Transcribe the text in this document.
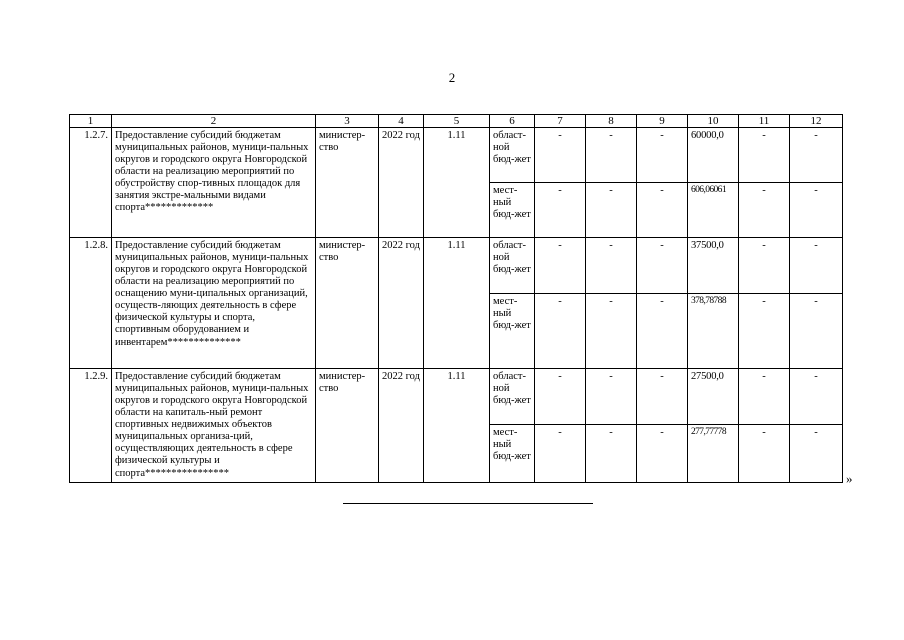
2
1	2	3	4	5	6	7	8	9	10	11	12
1.2.7.	Предоставление субсидий бюджетам муниципальных районов, муници-пальных округов и городского округа Новгородской области на реализацию мероприятий по обустройству спор-тивных площадок для занятия экстре-мальными видами спорта*************	министер-ство	2022 год	1.11	област-ной бюд-жет	-	-	-	60000,0	-	-
					мест-ный бюд-жет	-	-	-	606,06061	-	-
1.2.8.	Предоставление субсидий бюджетам муниципальных районов, муници-пальных округов и городского округа Новгородской области на реализацию мероприятий по оснащению муни-ципальных организаций, осуществ-ляющих деятельность в сфере физической культуры и спорта, спортивным оборудованием и инвентарем**************	министер-ство	2022 год	1.11	област-ной бюд-жет	-	-	-	37500,0	-	-
					мест-ный бюд-жет	-	-	-	378,78788	-	-
1.2.9.	Предоставление субсидий бюджетам муниципальных районов, муници-пальных округов и городского округа Новгородской области на капиталь-ный ремонт спортивных недвижимых объектов муниципальных организа-ций, осуществляющих деятельность в сфере физической культуры и спорта****************	министер-ство	2022 год	1.11	област-ной бюд-жет	-	-	-	27500,0	-	-
					мест-ный бюд-жет	-	-	-	277,77778	-	-
»
